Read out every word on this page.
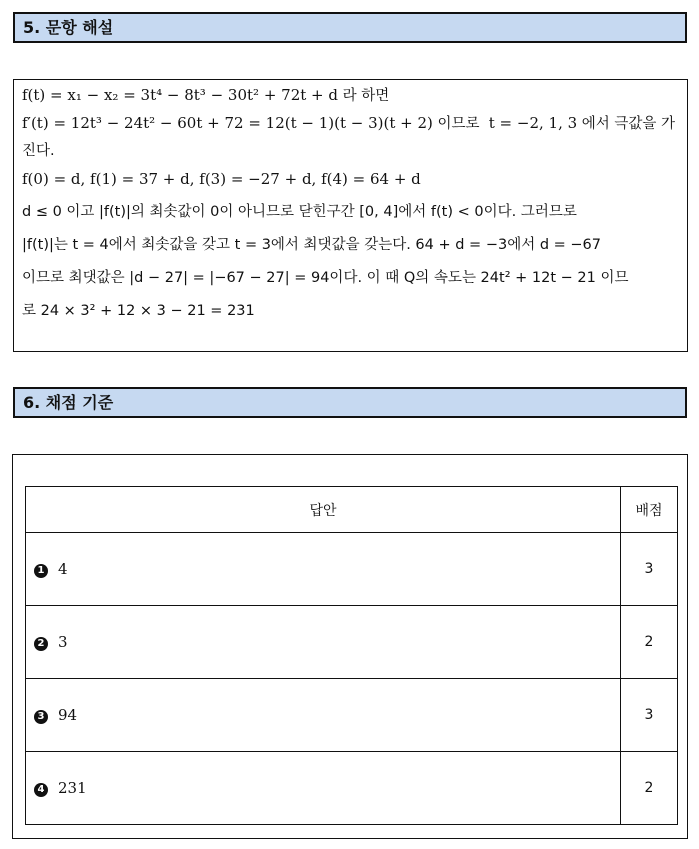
5. 문항 해설
f(t) = x₁ − x₂ = 3t⁴ − 8t³ − 30t² + 72t + d 라 하면
f′(t) = 12t³ − 24t² − 60t + 72 = 12(t − 1)(t − 3)(t + 2) 이므로 t = −2, 1, 3 에서 극값을 가
진다.
f(0) = d, f(1) = 37 + d, f(3) = −27 + d, f(4) = 64 + d
d ≤ 0 이고 |f(t)|의 최솟값이 0이 아니므로 닫힌구간 [0, 4]에서 f(t) < 0이다. 그러므로
|f(t)|는 t = 4에서 최솟값을 갖고 t = 3에서 최댓값을 갖는다. 64 + d = −3에서 d = −67
이므로 최댓값은 |d − 27| = |−67 − 27| = 94이다. 이 때 Q의 속도는 24t² + 12t − 21 이므
로 24 × 3² + 12 × 3 − 21 = 231
6. 채점 기준
답안	배점
1 4	3
2 3	2
3 94	3
4 231	2
